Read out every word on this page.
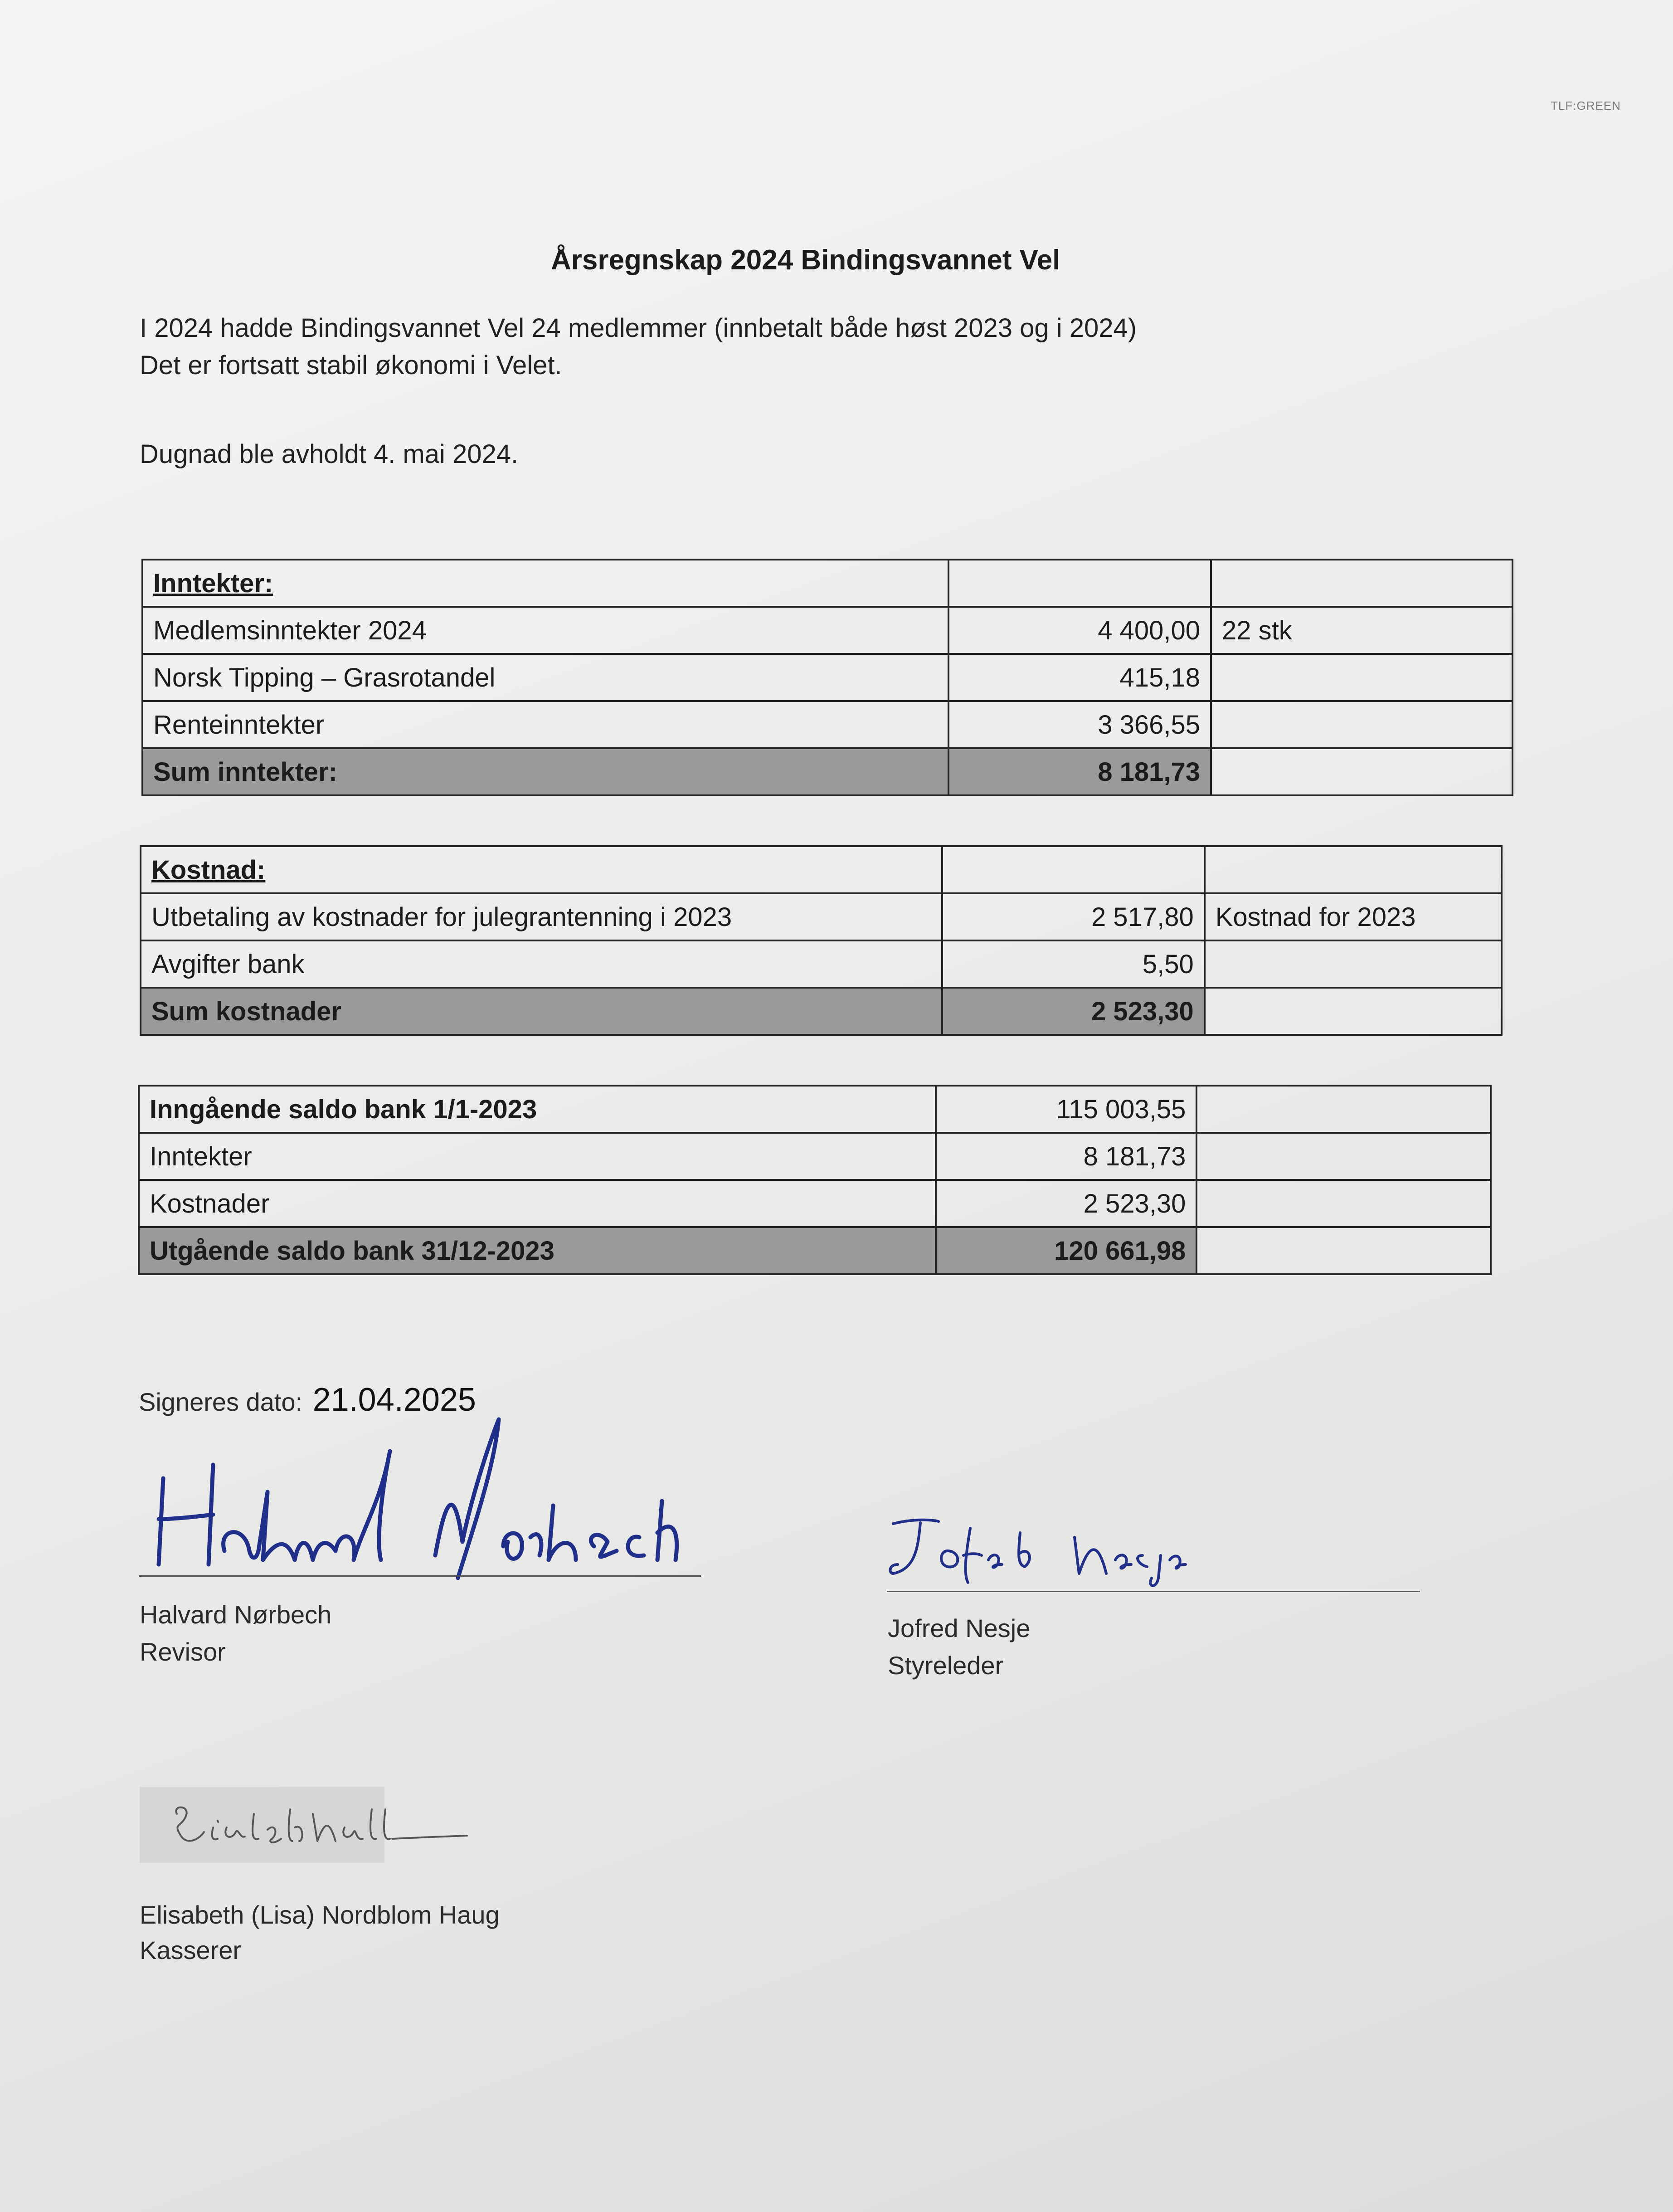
TLF:GREEN
Årsregnskap 2024 Bindingsvannet Vel
I 2024 hadde Bindingsvannet Vel 24 medlemmer (innbetalt både høst 2023 og i 2024)
Det er fortsatt stabil økonomi i Velet.
Dugnad ble avholdt 4. mai 2024.
Inntekter:		
Medlemsinntekter 2024	4 400,00	22 stk
Norsk Tipping – Grasrotandel	415,18	
Renteinntekter	3 366,55	
Sum inntekter:	8 181,73	
Kostnad:		
Utbetaling av kostnader for julegrantenning i 2023	2 517,80	Kostnad for 2023
Avgifter bank	5,50	
Sum kostnader	2 523,30	
Inngående saldo bank 1/1-2023	115 003,55	
Inntekter	8 181,73	
Kostnader	2 523,30	
Utgående saldo bank 31/12-2023	120 661,98	
Signeres dato: 21.04.2025
Halvard Nørbech
Revisor
Jofred Nesje
Styreleder
Elisabeth (Lisa) Nordblom Haug
Kasserer
